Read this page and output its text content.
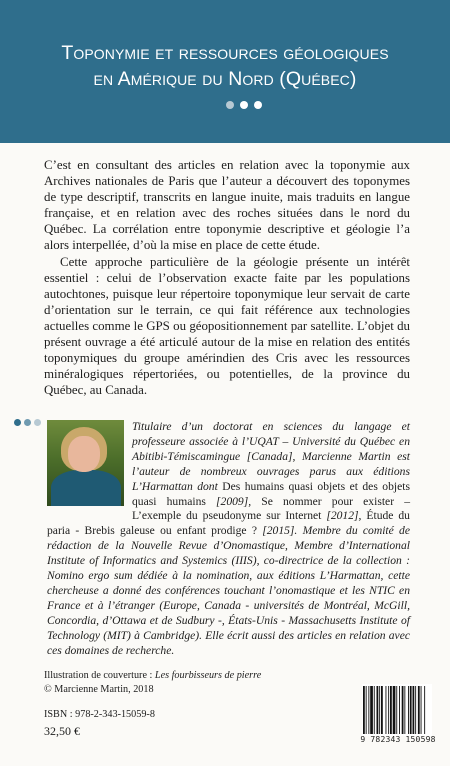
Toponymie et ressources géologiques
en Amérique du Nord (Québec)

C’est en consultant des articles en relation avec la toponymie aux Archives nationales de Paris que l’auteur a découvert des toponymes de type descriptif, transcrits en langue inuite, mais traduits en langue française, et en relation avec des roches situées dans le nord du Québec. La corrélation entre toponymie descriptive et géologie l’a alors interpellée, d’où la mise en place de cette étude.

Cette approche particulière de la géologie présente un intérêt essentiel : celui de l’observation exacte faite par les populations autochtones, puisque leur répertoire toponymique leur servait de carte d’orientation sur le terrain, ce qui fait référence aux technologies actuelles comme le GPS ou géopositionnement par satellite. L’objet du présent ouvrage a été articulé autour de la mise en relation des entités toponymiques du groupe amérindien des Cris avec les ressources minéralogiques répertoriées, ou potentielles, de la province du Québec, au Canada.

Titulaire d’un doctorat en sciences du langage et professeure associée à l’UQAT – Université du Québec en Abitibi-Témiscamingue [Canada], Marcienne Martin est l’auteur de nombreux ouvrages parus aux éditions L’Harmattan dont Des humains quasi objets et des objets quasi humains [2009], Se nommer pour exister – L’exemple du pseudonyme sur Internet [2012], Étude du paria - Brebis galeuse ou enfant prodige ? [2015]. Membre du comité de rédaction de la Nouvelle Revue d’Onomastique, Membre d’International Institute of Informatics and Systemics (IIIS), co-directrice de la collection : Nomino ergo sum dédiée à la nomination, aux éditions L’Harmattan, cette chercheuse a donné des conférences touchant l’onomastique et les NTIC en France et à l’étranger (Europe, Canada - universités de Montréal, McGill, Concordia, d’Ottawa et de Sudbury -, États-Unis - Massachusetts Institute of Technology (MIT) à Cambridge). Elle écrit aussi des articles en relation avec ces domaines de recherche.
Illustration de couverture : Les fourbisseurs de pierre
© Marcienne Martin, 2018
ISBN : 978-2-343-15059-8
32,50 €
9 782343 150598
